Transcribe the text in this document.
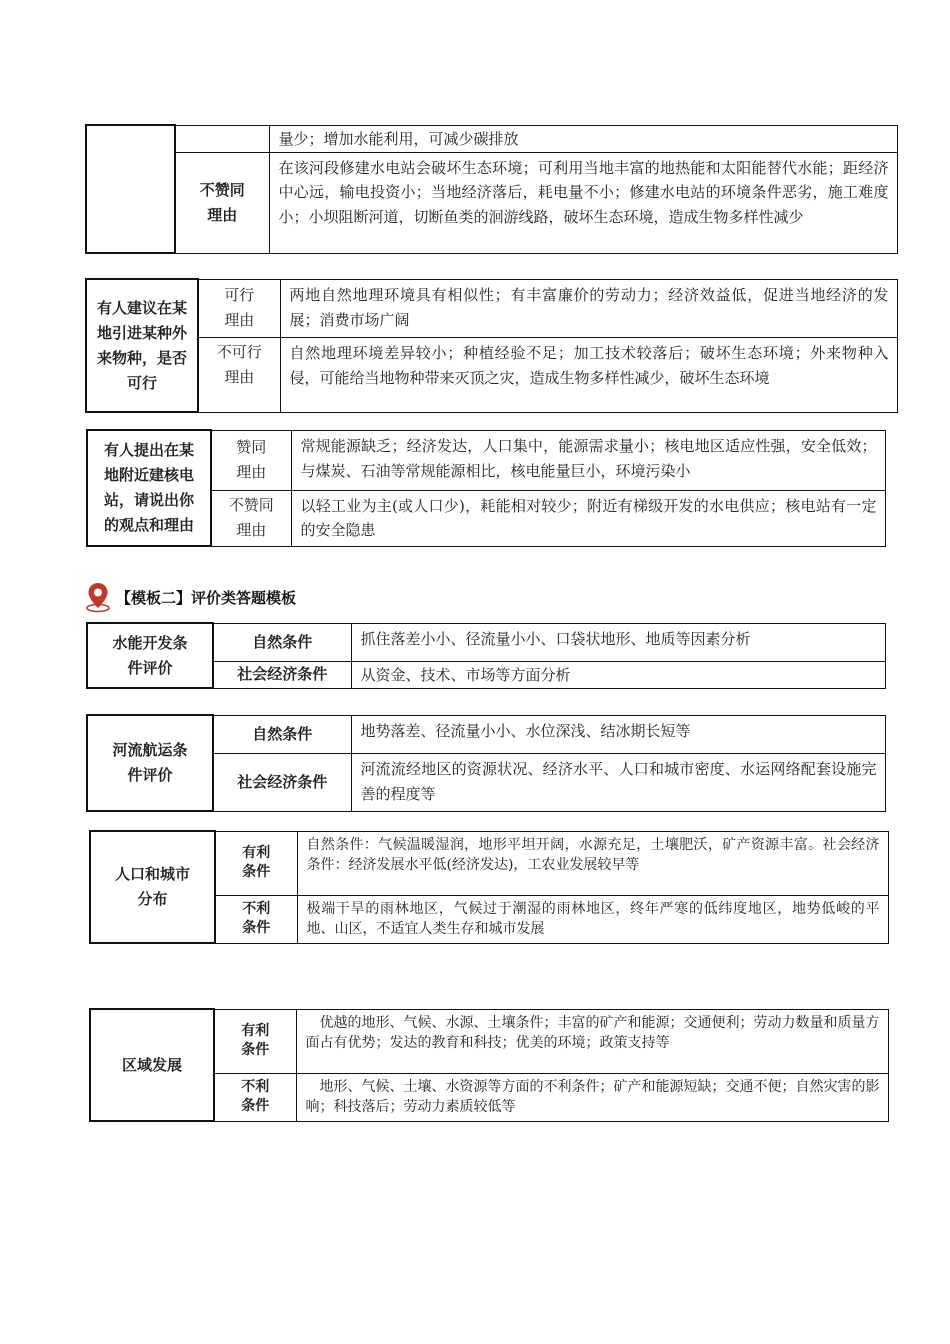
		量少；增加水能利用，可减少碳排放
	不赞同理由	在该河段修建水电站会破坏生态环境；可利用当地丰富的地热能和太阳能替代水能；距经济中心远，输电投资小；当地经济落后，耗电量不小；修建水电站的环境条件恶劣，施工难度小；小坝阻断河道，切断鱼类的洄游线路，破坏生态环境，造成生物多样性减少
有人建议在某地引进某种外来物种，是否可行	可行理由	两地自然地理环境具有相似性；有丰富廉价的劳动力；经济效益低，促进当地经济的发展；消费市场广阔
	不可行理由	自然地理环境差异较小；种植经验不足；加工技术较落后；破坏生态环境；外来物种入侵，可能给当地物种带来灭顶之灾，造成生物多样性减少，破坏生态环境
有人提出在某地附近建核电站，请说出你的观点和理由	赞同理由	常规能源缺乏；经济发达，人口集中，能源需求量小；核电地区适应性强，安全低效；与煤炭、石油等常规能源相比，核电能量巨小，环境污染小
	不赞同理由	以轻工业为主(或人口少)，耗能相对较少；附近有梯级开发的水电供应；核电站有一定的安全隐患
【模板二】评价类答题模板
水能开发条件评价	自然条件	抓住落差小小、径流量小小、口袋状地形、地质等因素分析
	社会经济条件	从资金、技术、市场等方面分析
河流航运条件评价	自然条件	地势落差、径流量小小、水位深浅、结冰期长短等
	社会经济条件	河流流经地区的资源状况、经济水平、人口和城市密度、水运网络配套设施完善的程度等
人口和城市分布	有利条件	自然条件：气候温暖湿润，地形平坦开阔，水源充足，土壤肥沃，矿产资源丰富。社会经济条件：经济发展水平低(经济发达)，工农业发展较早等
	不利条件	极端干旱的雨林地区，气候过于潮湿的雨林地区，终年严寒的低纬度地区，地势低峻的平地、山区，不适宜人类生存和城市发展
区域发展	有利条件	优越的地形、气候、水源、土壤条件；丰富的矿产和能源；交通便利；劳动力数量和质量方面占有优势；发达的教育和科技；优美的环境；政策支持等
	不利条件	地形、气候、土壤、水资源等方面的不利条件；矿产和能源短缺；交通不便；自然灾害的影响；科技落后；劳动力素质较低等
